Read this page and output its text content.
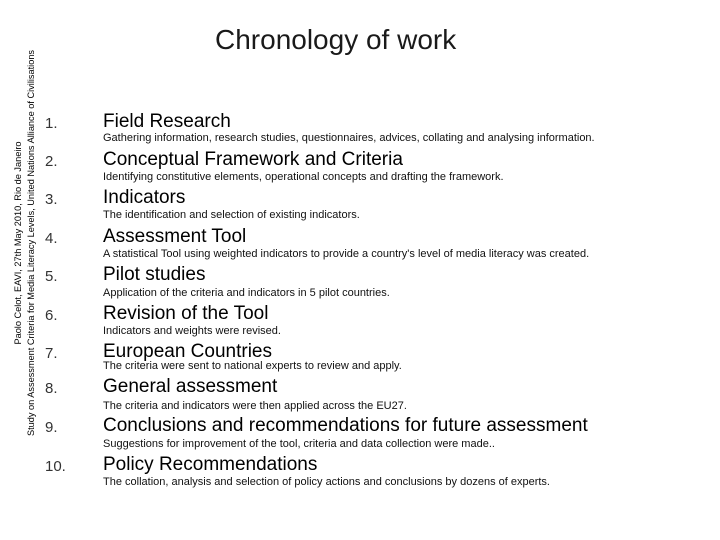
Paolo Celot, EAVI, 27th May 2010, Rio de Janeiro Study on Assessment Criteria for Media Literacy Levels, United Nations Alliance of Civilisations
Chronology of work
1. Field Research
Gathering information, research studies, questionnaires, advices, collating and analysing information.
2. Conceptual Framework and Criteria
Identifying constitutive elements, operational concepts and drafting the framework.
3. Indicators
The identification and selection of existing indicators.
4. Assessment Tool
A statistical Tool using weighted indicators to provide a country's level of media literacy was created.
5. Pilot studies
Application of the criteria and indicators in 5 pilot countries.
6. Revision of the Tool
Indicators and weights were revised.
7. European Countries
The criteria were sent to national experts to review and apply.
8. General assessment
The criteria and indicators were then applied across the EU27.
9. Conclusions and recommendations for future assessment
Suggestions for improvement of the tool, criteria and data collection were made..
10. Policy Recommendations
The collation, analysis and selection of policy actions and conclusions by dozens of experts.
